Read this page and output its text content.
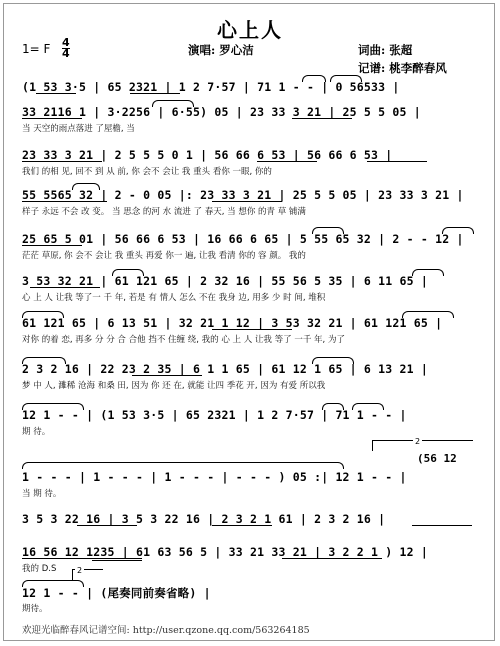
心上人
演唱: 罗心洁	词曲: 张超
记谱: 桃李醉春风
1= F 4
4
(1 53 3·5 | 65 2321 | 1 2 7·57 | 71 1 - - | 0 56533 |
33 2116 1 | 3·2256 | 6·55) 05 | 23 33 3 21 | 25 5 5 05 |
当 天空的雨点落进 了屋檐, 当
23 33 3 21 | 2 5 5 5 0 1 | 56 66 6 53 | 56 66 6 53 |
我们 的相 见, 回不 到 从 前, 你 会不 会让 我 重头 看你 一眼, 你的
55 5565 32 | 2 - 0 05 |: 23 33 3 21 | 25 5 5 05 | 23 33 3 21 |
样子 永远 不会 改 变。 当 思念 的河 水 流进 了 春天, 当 想你 的青 草 铺满
25 65 5 01 | 56 66 6 53 | 16 66 6 65 | 5 55 65 32 | 2 - - 12 |
茫茫 草原, 你 会不 会让 我 重头 再爱 你一 遍, 让我 看清 你的 容 颜。 我的
3 53 32 21 | 61 121 65 | 2 32 16 | 55 56 5 35 | 6 11 65 |
心 上 人 让我 等了一 千 年, 若是 有 情人 怎么 不在 我身 边, 用多 少 时 间, 堆积
61 121 65 | 6 13 51 | 32 21 1 12 | 3 53 32 21 | 61 121 65 |
对你 的着 恋, 再多 分 分 合 合他 挡不 住缠 绕, 我的 心 上 人 让我 等了 一千 年, 为了
2 3 2 16 | 22 23 2 35 | 6 1 1 65 | 61 12 1 65 | 6 13 21 |
梦 中 人, 濉稀 沧海 和桑 田, 因为 你 还 在, 就能 让四 季花 开, 因为 有爱 所以我
12 1 - - | (1 53 3·5 | 65 2321 | 1 2 7·57 | 71 1 - - |
期 待。
1 - - - | 1 - - - | 1 - - - | - - - ) 05 :| 12 1 - - |
当 期 待。
2
(56 12
3 5 3 22 16 | 3 5 3 22 16 | 2 3 2 1 61 | 2 3 2 16 |
16 56 12 1235 | 61 63 56 5 | 33 21 33 21 | 3 2 2 1 ) 12 |
我的 D.S
12 1 - - | (尾奏同前奏省略) |
期待。
2
欢迎光临醉春风记谱空间: http://user.qzone.qq.com/563264185
